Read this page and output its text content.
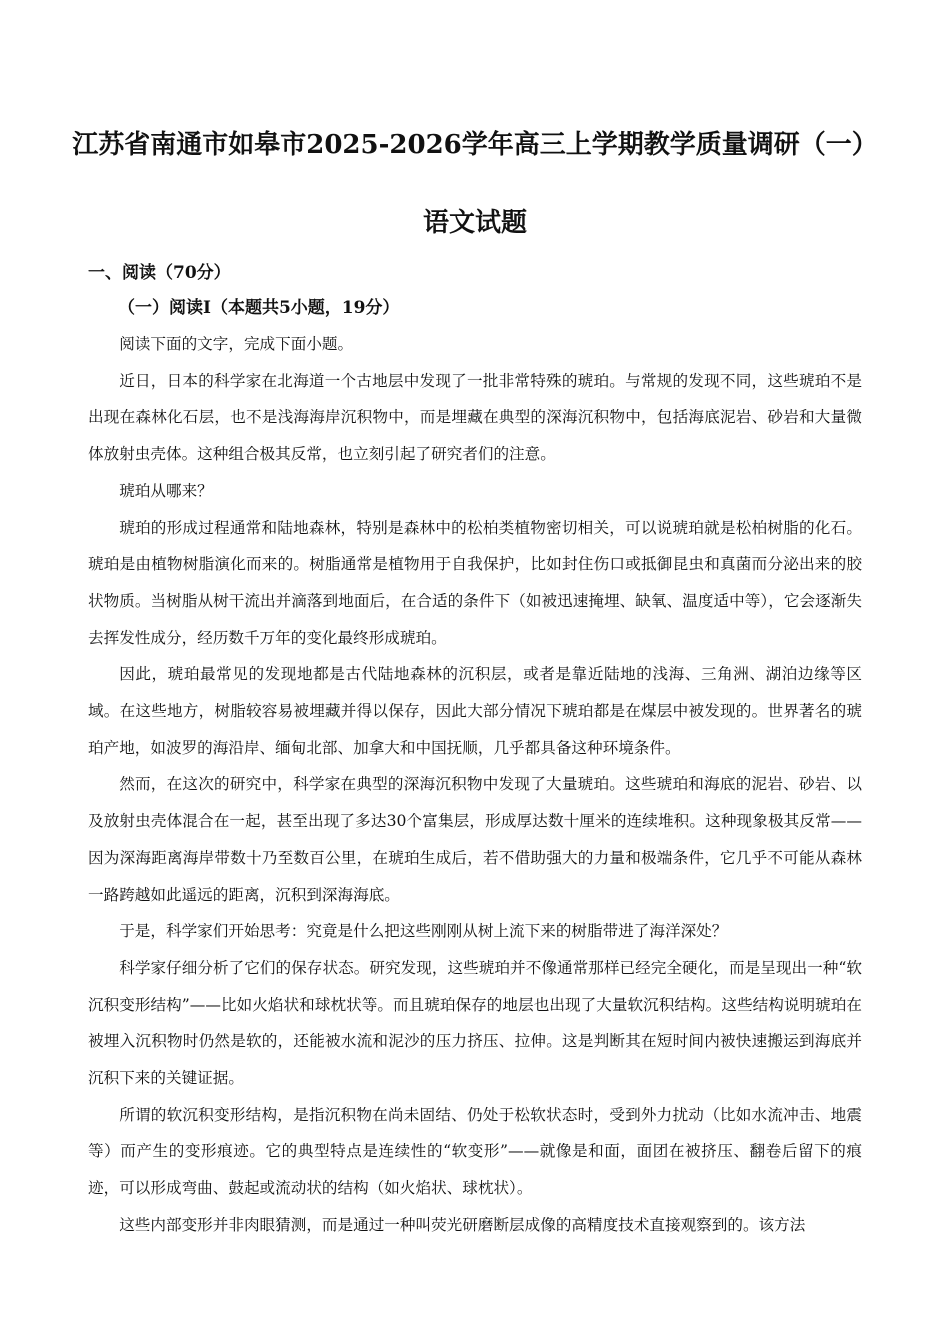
江苏省南通市如皋市2025-2026学年高三上学期教学质量调研（一）
语文试题
一、阅读（70分）
（一）阅读Ⅰ（本题共5小题，19分）

阅读下面的文字，完成下面小题。

近日，日本的科学家在北海道一个古地层中发现了一批非常特殊的琥珀。与常规的发现不同，这些琥珀不是出现在森林化石层，也不是浅海海岸沉积物中，而是埋藏在典型的深海沉积物中，包括海底泥岩、砂岩和大量微体放射虫壳体。这种组合极其反常，也立刻引起了研究者们的注意。

琥珀从哪来？

琥珀的形成过程通常和陆地森林，特别是森林中的松柏类植物密切相关，可以说琥珀就是松柏树脂的化石。琥珀是由植物树脂演化而来的。树脂通常是植物用于自我保护，比如封住伤口或抵御昆虫和真菌而分泌出来的胶状物质。当树脂从树干流出并滴落到地面后，在合适的条件下（如被迅速掩埋、缺氧、温度适中等），它会逐渐失去挥发性成分，经历数千万年的变化最终形成琥珀。

因此，琥珀最常见的发现地都是古代陆地森林的沉积层，或者是靠近陆地的浅海、三角洲、湖泊边缘等区域。在这些地方，树脂较容易被埋藏并得以保存，因此大部分情况下琥珀都是在煤层中被发现的。世界著名的琥珀产地，如波罗的海沿岸、缅甸北部、加拿大和中国抚顺，几乎都具备这种环境条件。

然而，在这次的研究中，科学家在典型的深海沉积物中发现了大量琥珀。这些琥珀和海底的泥岩、砂岩、以及放射虫壳体混合在一起，甚至出现了多达30个富集层，形成厚达数十厘米的连续堆积。这种现象极其反常——因为深海距离海岸带数十乃至数百公里，在琥珀生成后，若不借助强大的力量和极端条件，它几乎不可能从森林一路跨越如此遥远的距离，沉积到深海海底。

于是，科学家们开始思考：究竟是什么把这些刚刚从树上流下来的树脂带进了海洋深处？

科学家仔细分析了它们的保存状态。研究发现，这些琥珀并不像通常那样已经完全硬化，而是呈现出一种“软沉积变形结构”——比如火焰状和球枕状等。而且琥珀保存的地层也出现了大量软沉积结构。这些结构说明琥珀在被埋入沉积物时仍然是软的，还能被水流和泥沙的压力挤压、拉伸。这是判断其在短时间内被快速搬运到海底并沉积下来的关键证据。

所谓的软沉积变形结构，是指沉积物在尚未固结、仍处于松软状态时，受到外力扰动（比如水流冲击、地震等）而产生的变形痕迹。它的典型特点是连续性的“软变形”——就像是和面，面团在被挤压、翻卷后留下的痕迹，可以形成弯曲、鼓起或流动状的结构（如火焰状、球枕状）。

这些内部变形并非肉眼猜测，而是通过一种叫荧光研磨断层成像的高精度技术直接观察到的。该方法
